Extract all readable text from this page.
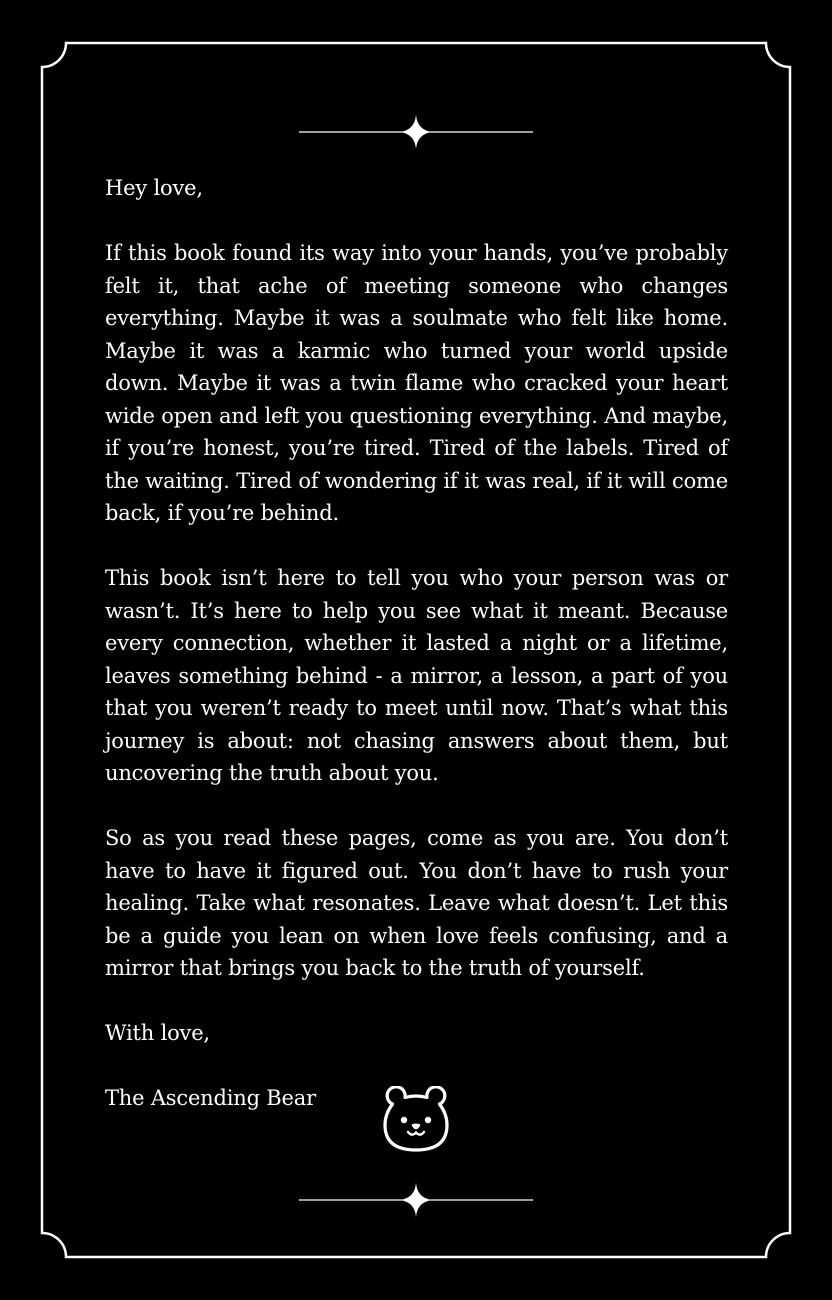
Hey love,

If this book found its way into your hands, you’ve probably felt it, that ache of meeting someone who changes everything. Maybe it was a soulmate who felt like home. Maybe it was a karmic who turned your world upside down. Maybe it was a twin flame who cracked your heart wide open and left you questioning everything. And maybe, if you’re honest, you’re tired. Tired of the labels. Tired of the waiting. Tired of wondering if it was real, if it will come back, if you’re behind.

This book isn’t here to tell you who your person was or wasn’t. It’s here to help you see what it meant. Because every connection, whether it lasted a night or a lifetime, leaves something behind - a mirror, a lesson, a part of you that you weren’t ready to meet until now. That’s what this journey is about: not chasing answers about them, but uncovering the truth about you.

So as you read these pages, come as you are. You don’t have to have it figured out. You don’t have to rush your healing. Take what resonates. Leave what doesn’t. Let this be a guide you lean on when love feels confusing, and a mirror that brings you back to the truth of yourself.

With love,

The Ascending Bear
